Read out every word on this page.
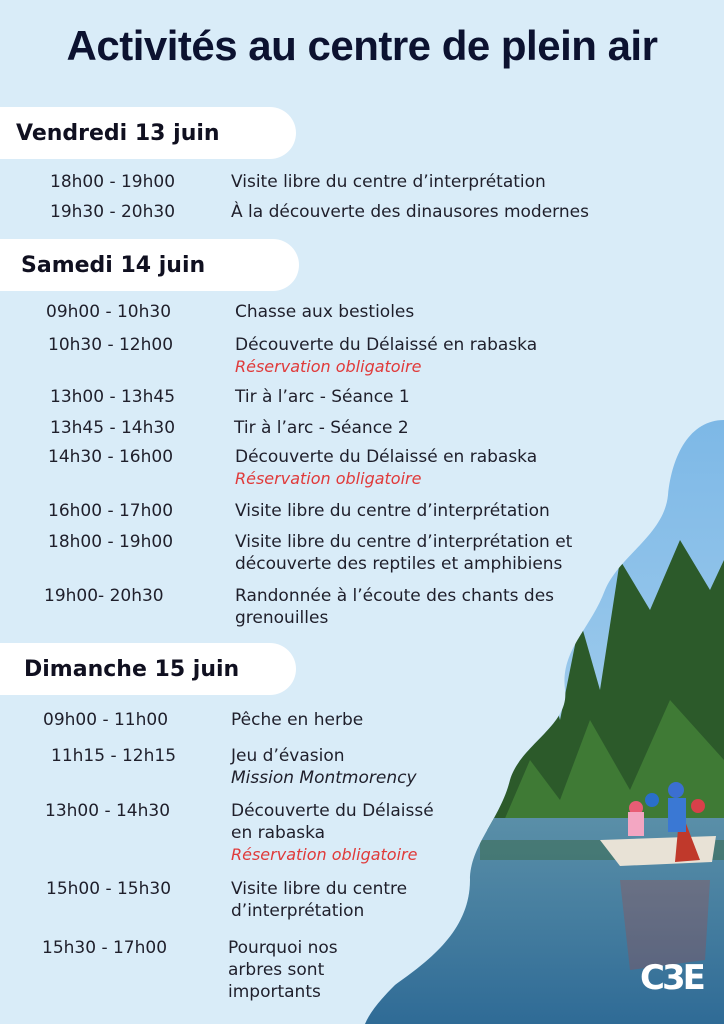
Activités au centre de plein air
Vendredi 13 juin
18h00 - 19h00	Visite libre du centre d’interprétation
19h30 - 20h30	À la découverte des dinausores modernes
Samedi 14 juin
09h00 - 10h30	Chasse aux bestioles
10h30 - 12h00	Découverte du Délaissé en rabaska
Réservation obligatoire
13h00 - 13h45	Tir à l’arc - Séance 1
13h45 - 14h30	Tir à l’arc - Séance 2
14h30 - 16h00	Découverte du Délaissé en rabaska
Réservation obligatoire
16h00 - 17h00	Visite libre du centre d’interprétation
18h00 - 19h00	Visite libre du centre d’interprétation et
découverte des reptiles et amphibiens
19h00- 20h30	Randonnée à l’écoute des chants des
grenouilles
Dimanche 15 juin
09h00 - 11h00	Pêche en herbe
11h15 - 12h15	Jeu d’évasion
Mission Montmorency
13h00 - 14h30	Découverte du Délaissé
en rabaska
Réservation obligatoire
15h00 - 15h30	Visite libre du centre
d’interprétation
15h30 - 17h00	Pourquoi nos
arbres sont
importants	C3E
